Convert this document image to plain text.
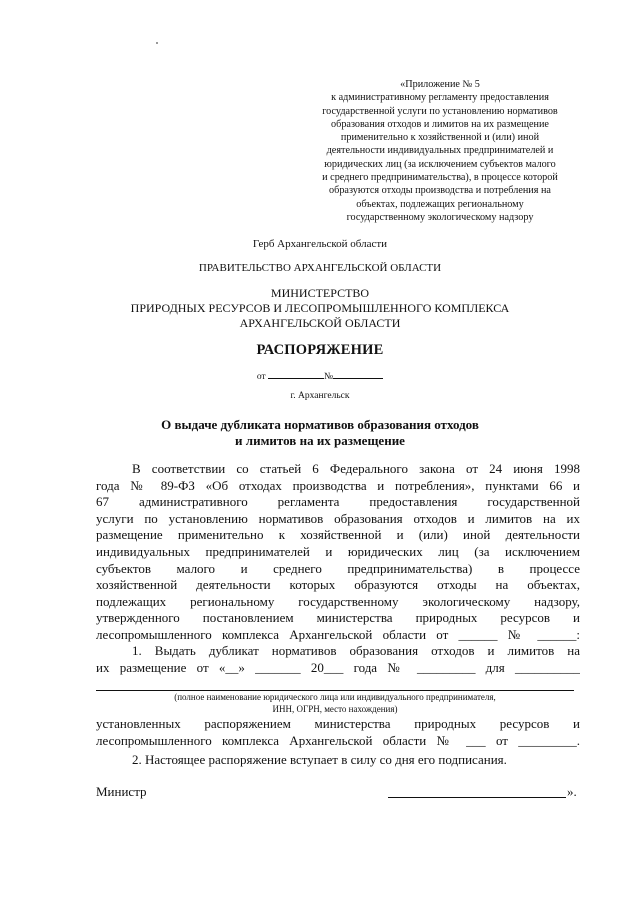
«Приложение № 5
к административному регламенту предоставления
государственной услуги по установлению нормативов
образования отходов и лимитов на их размещение
применительно к хозяйственной и (или) иной
деятельности индивидуальных предпринимателей и
юридических лиц (за исключением субъектов малого
и среднего предпринимательства), в процессе которой
образуются отходы производства и потребления на
объектах, подлежащих региональному
государственному экологическому надзору
Герб Архангельской области
ПРАВИТЕЛЬСТВО АРХАНГЕЛЬСКОЙ ОБЛАСТИ
МИНИСТЕРСТВО
ПРИРОДНЫХ РЕСУРСОВ И ЛЕСОПРОМЫШЛЕННОГО КОМПЛЕКСА
АРХАНГЕЛЬСКОЙ ОБЛАСТИ
РАСПОРЯЖЕНИЕ
от	№
г. Архангельск
О выдаче дубликата нормативов образования отходов
и лимитов на их размещение
В соответствии со статьей 6 Федерального закона от 24 июня 1998
года № 89-ФЗ «Об отходах производства и потребления», пунктами 66 и
67 административного регламента предоставления государственной
услуги по установлению нормативов образования отходов и лимитов на их
размещение применительно к хозяйственной и (или) иной деятельности
индивидуальных предпринимателей и юридических лиц (за исключением
субъектов малого и среднего предпринимательства) в процессе
хозяйственной деятельности которых образуются отходы на объектах,
подлежащих региональному государственному экологическому надзору,
утвержденного постановлением министерства природных ресурсов и
лесопромышленного комплекса Архангельской области от ______ № ______:
1. Выдать дубликат нормативов образования отходов и лимитов на
их размещение от «__» _______ 20___ года № _________ для __________
(полное наименование юридического лица или индивидуального предпринимателя,
ИНН, ОГРН, место нахождения)
установленных распоряжением министерства природных ресурсов и
лесопромышленного комплекса Архангельской области № ___ от _________.
2. Настоящее распоряжение вступает в силу со дня его подписания.
Министр	».
